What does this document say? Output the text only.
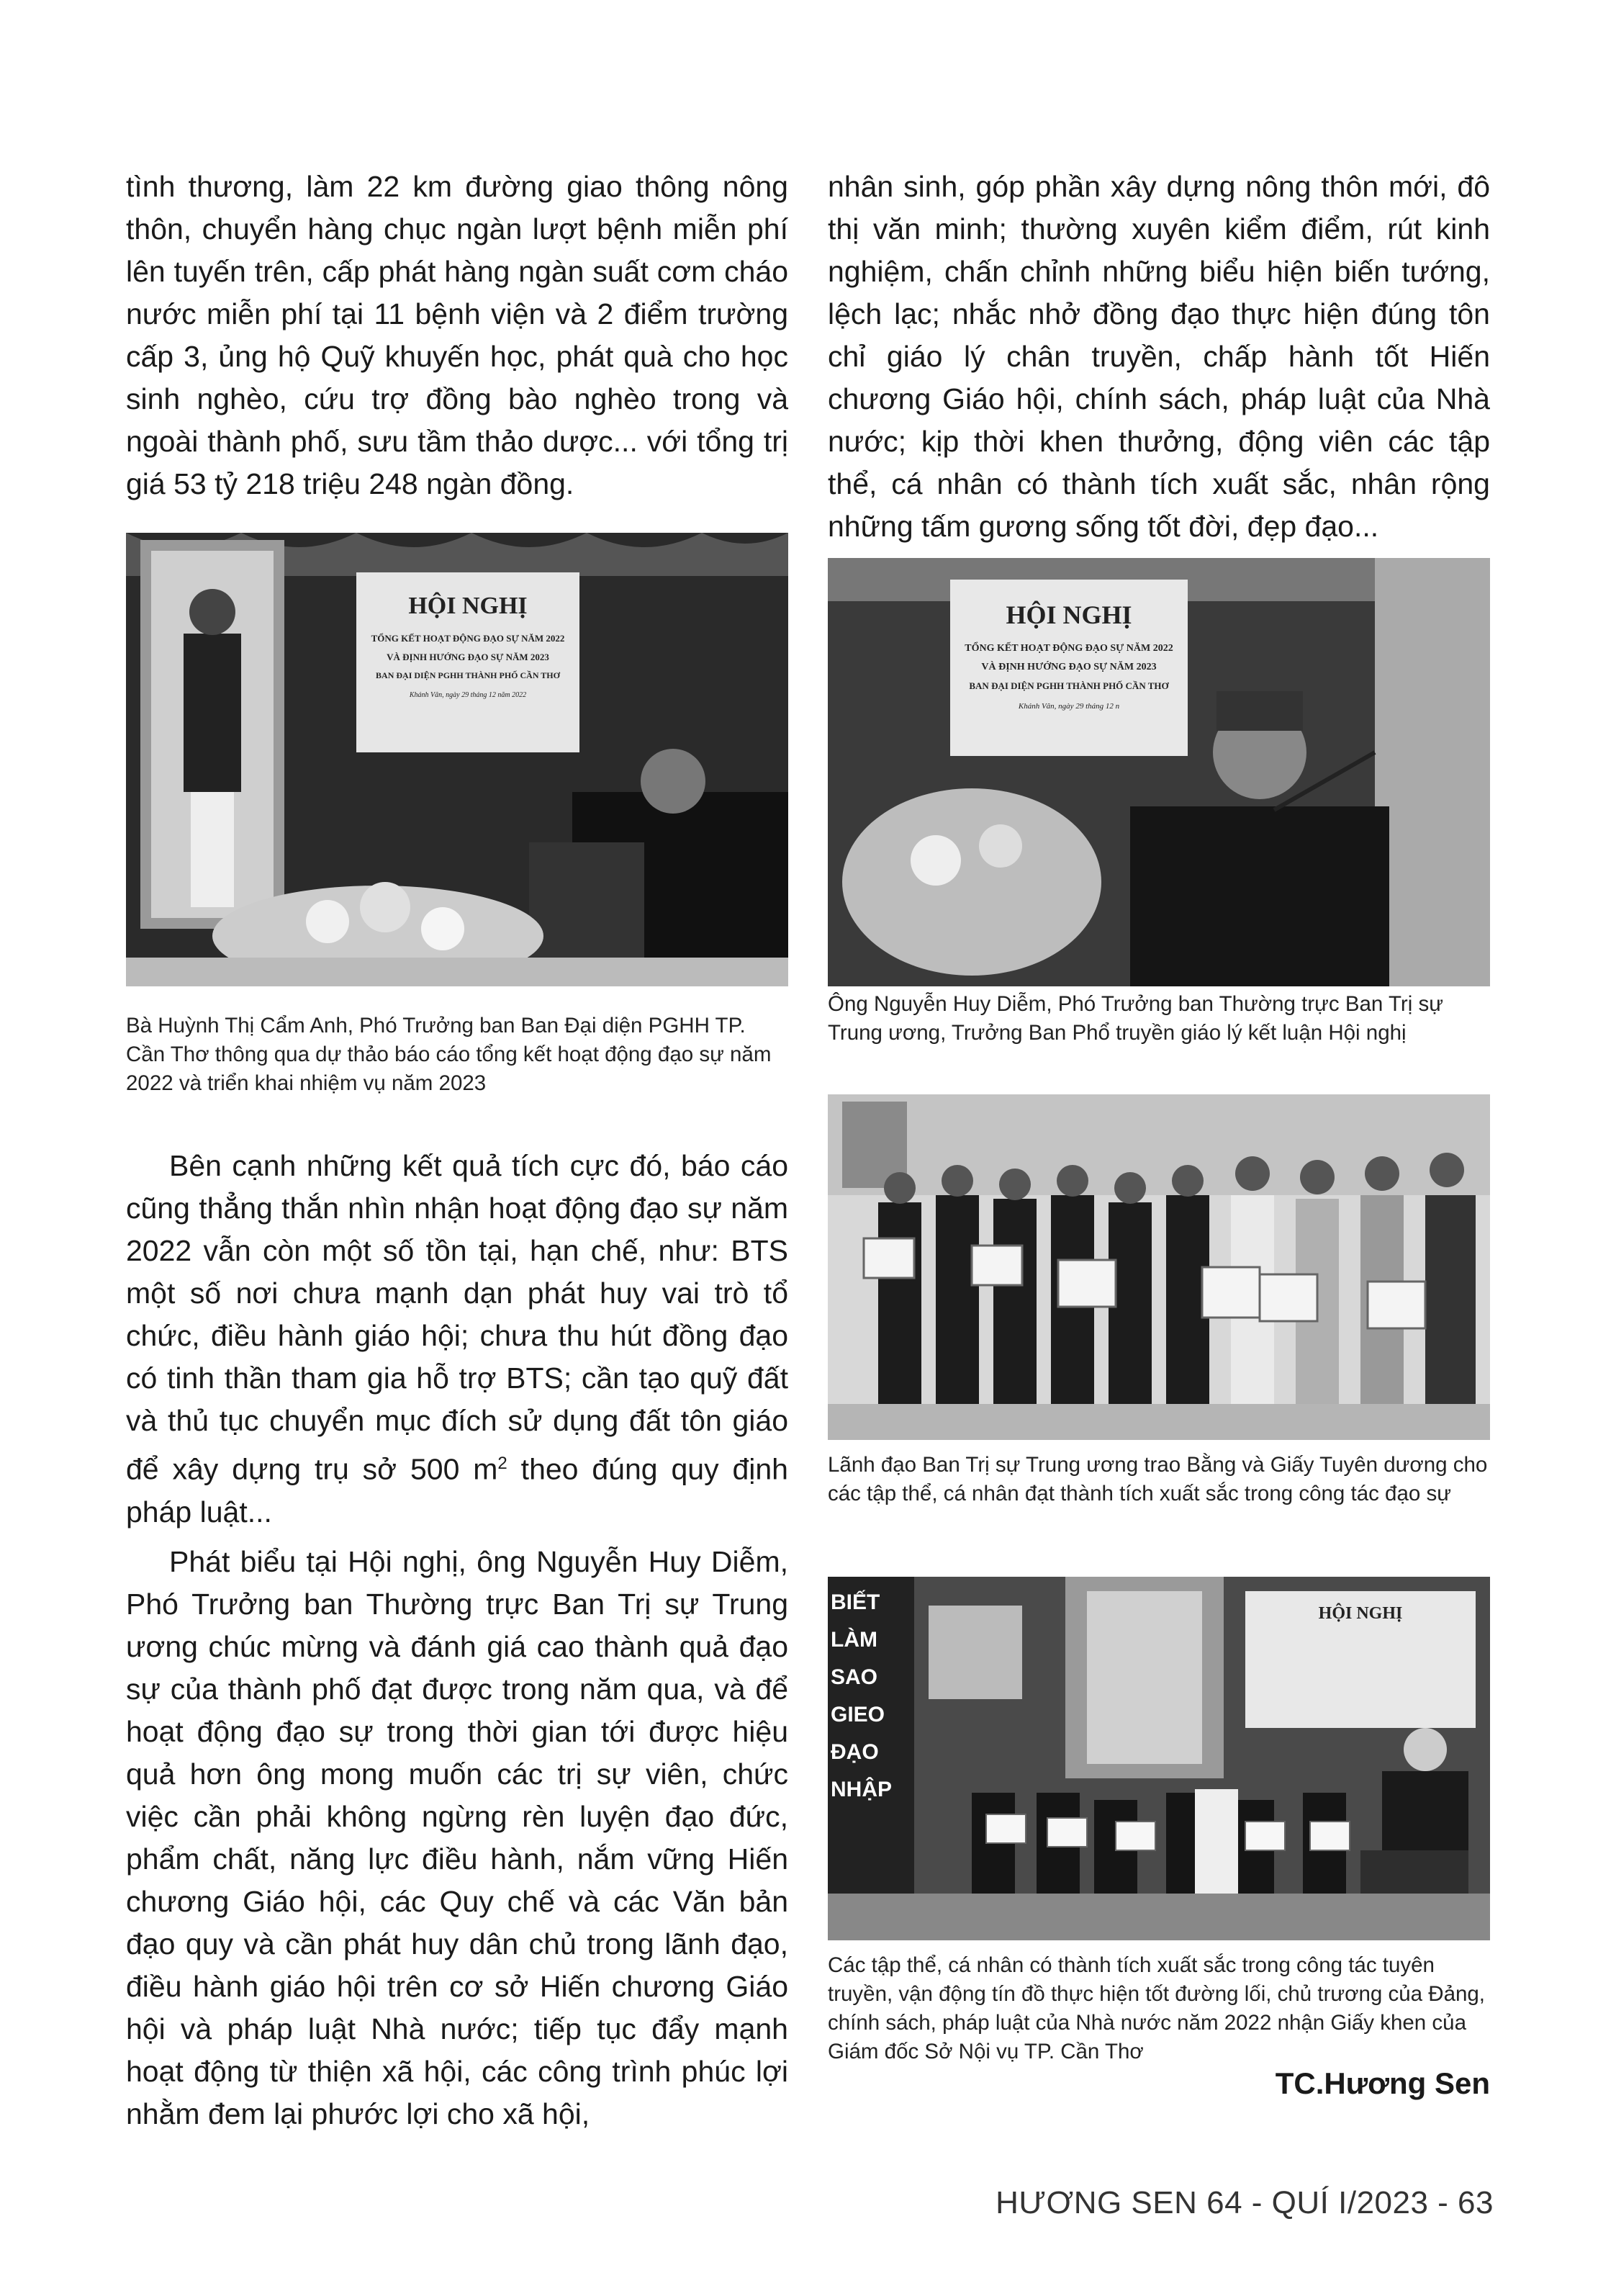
tình thương, làm 22 km đường giao thông nông thôn, chuyển hàng chục ngàn lượt bệnh miễn phí lên tuyến trên, cấp phát hàng ngàn suất cơm cháo nước miễn phí tại 11 bệnh viện và 2 điểm trường cấp 3, ủng hộ Quỹ khuyến học, phát quà cho học sinh nghèo, cứu trợ đồng bào nghèo trong và ngoài thành phố, sưu tầm thảo dược... với tổng trị giá 53 tỷ 218 triệu 248 ngàn đồng.

HỘI NGHỊ
TỔNG KẾT HOẠT ĐỘNG ĐẠO SỰ NĂM 2022
VÀ ĐỊNH HƯỚNG ĐẠO SỰ NĂM 2023
BAN ĐẠI DIỆN PGHH THÀNH PHỐ CẦN THƠ
Khánh Vân, ngày 29 tháng 12 năm 2022

Bà Huỳnh Thị Cẩm Anh, Phó Trưởng ban Ban Đại diện PGHH TP. Cần Thơ thông qua dự thảo báo cáo tổng kết hoạt động đạo sự năm 2022 và triển khai nhiệm vụ năm 2023

Bên cạnh những kết quả tích cực đó, báo cáo cũng thẳng thắn nhìn nhận hoạt động đạo sự năm 2022 vẫn còn một số tồn tại, hạn chế, như: BTS một số nơi chưa mạnh dạn phát huy vai trò tổ chức, điều hành giáo hội; chưa thu hút đồng đạo có tinh thần tham gia hỗ trợ BTS; cần tạo quỹ đất và thủ tục chuyển mục đích sử dụng đất tôn giáo để xây dựng trụ sở 500 $m^2$ theo đúng quy định pháp luật...

Phát biểu tại Hội nghị, ông Nguyễn Huy Diễm, Phó Trưởng ban Thường trực Ban Trị sự Trung ương chúc mừng và đánh giá cao thành quả đạo sự của thành phố đạt được trong năm qua, và để hoạt động đạo sự trong thời gian tới được hiệu quả hơn ông mong muốn các trị sự viên, chức việc cần phải không ngừng rèn luyện đạo đức, phẩm chất, năng lực điều hành, nắm vững Hiến chương Giáo hội, các Quy chế và các Văn bản đạo quy và cần phát huy dân chủ trong lãnh đạo, điều hành giáo hội trên cơ sở Hiến chương Giáo hội và pháp luật Nhà nước; tiếp tục đẩy mạnh hoạt động từ thiện xã hội, các công trình phúc lợi nhằm đem lại phước lợi cho xã hội,

nhân sinh, góp phần xây dựng nông thôn mới, đô thị văn minh; thường xuyên kiểm điểm, rút kinh nghiệm, chấn chỉnh những biểu hiện biến tướng, lệch lạc; nhắc nhở đồng đạo thực hiện đúng tôn chỉ giáo lý chân truyền, chấp hành tốt Hiến chương Giáo hội, chính sách, pháp luật của Nhà nước; kịp thời khen thưởng, động viên các tập thể, cá nhân có thành tích xuất sắc, nhân rộng những tấm gương sống tốt đời, đẹp đạo...

HỘI NGHỊ
TỔNG KẾT HOẠT ĐỘNG ĐẠO SỰ NĂM 2022
VÀ ĐỊNH HƯỚNG ĐẠO SỰ NĂM 2023
BAN ĐẠI DIỆN PGHH THÀNH PHỐ CẦN THƠ
Khánh Vân, ngày 29 tháng 12 n

Ông Nguyễn Huy Diễm, Phó Trưởng ban Thường trực Ban Trị sự Trung ương, Trưởng Ban Phổ truyền giáo lý kết luận Hội nghị

Lãnh đạo Ban Trị sự Trung ương trao Bằng và Giấy Tuyên dương cho các tập thể, cá nhân đạt thành tích xuất sắc trong công tác đạo sự

HỘI NGHỊ
BIẾT LÀM SAO GIEO ĐẠO NHẬP

Các tập thể, cá nhân có thành tích xuất sắc trong công tác tuyên truyền, vận động tín đồ thực hiện tốt đường lối, chủ trương của Đảng, chính sách, pháp luật của Nhà nước năm 2022 nhận Giấy khen của Giám đốc Sở Nội vụ TP. Cần Thơ

TC.Hương Sen
HƯƠNG SEN 64 - QUÍ I/2023 - 63
